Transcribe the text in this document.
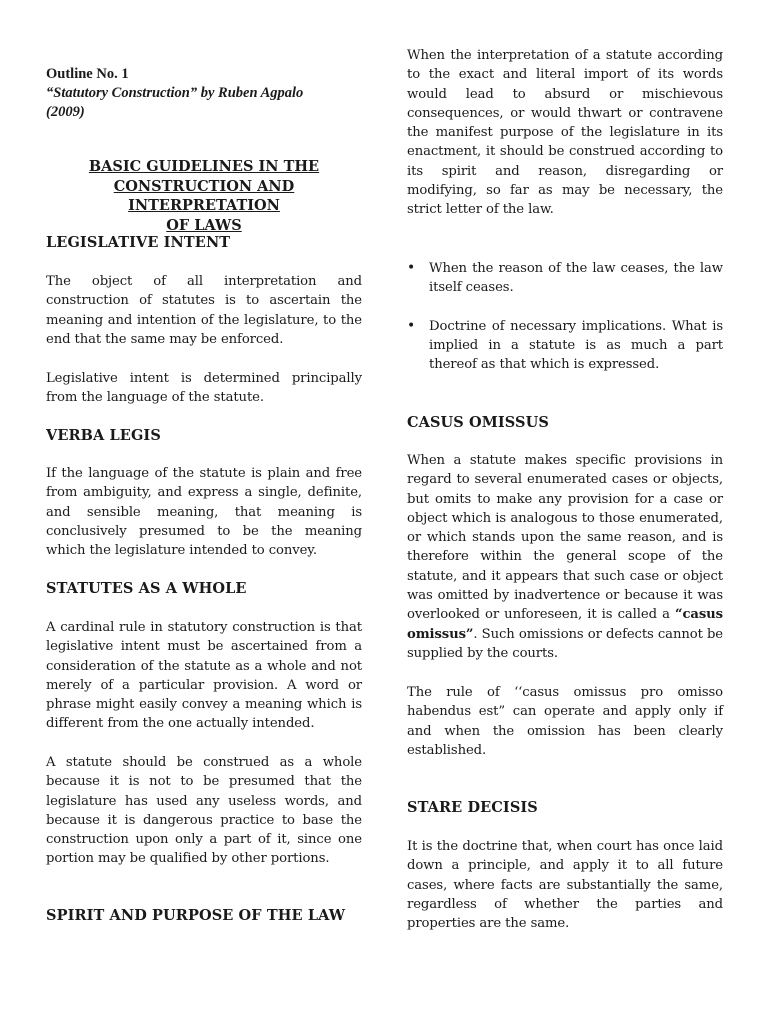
Outline No. 1
“Statutory Construction” by Ruben Agpalo
(2009)
BASIC GUIDELINES IN THE
CONSTRUCTION AND INTERPRETATION
OF LAWS
LEGISLATIVE INTENT

The object of all interpretation and construction of statutes is to ascertain the meaning and intention of the legislature, to the end that the same may be enforced.

Legislative intent is determined principally from the language of the statute.

VERBA LEGIS

If the language of the statute is plain and free from ambiguity, and express a single, definite, and sensible meaning, that meaning is conclusively presumed to be the meaning which the legislature intended to convey.

STATUTES AS A WHOLE

A cardinal rule in statutory construction is that legislative intent must be ascertained from a consideration of the statute as a whole and not merely of a particular provision. A word or phrase might easily convey a meaning which is different from the one actually intended.

A statute should be construed as a whole because it is not to be presumed that the legislature has used any useless words, and because it is dangerous practice to base the construction upon only a part of it, since one portion may be qualified by other portions.

SPIRIT AND PURPOSE OF THE LAW

When the interpretation of a statute according to the exact and literal import of its words would lead to absurd or mischievous consequences, or would thwart or contravene the manifest purpose of the legislature in its enactment, it should be construed according to its spirit and reason, disregarding or modifying, so far as may be necessary, the strict letter of the law.

• When the reason of the law ceases, the law itself ceases.
• Doctrine of necessary implications. What is implied in a statute is as much a part thereof as that which is expressed.
CASUS OMISSUS

When a statute makes specific provisions in regard to several enumerated cases or objects, but omits to make any provision for a case or object which is analogous to those enumerated, or which stands upon the same reason, and is therefore within the general scope of the statute, and it appears that such case or object was omitted by inadvertence or because it was overlooked or unforeseen, it is called a “casus omissus”. Such omissions or defects cannot be supplied by the courts.

The rule of ‘‘casus omissus pro omisso habendus est” can operate and apply only if and when the omission has been clearly established.

STARE DECISIS

It is the doctrine that, when court has once laid down a principle, and apply it to all future cases, where facts are substantially the same, regardless of whether the parties and properties are the same.
